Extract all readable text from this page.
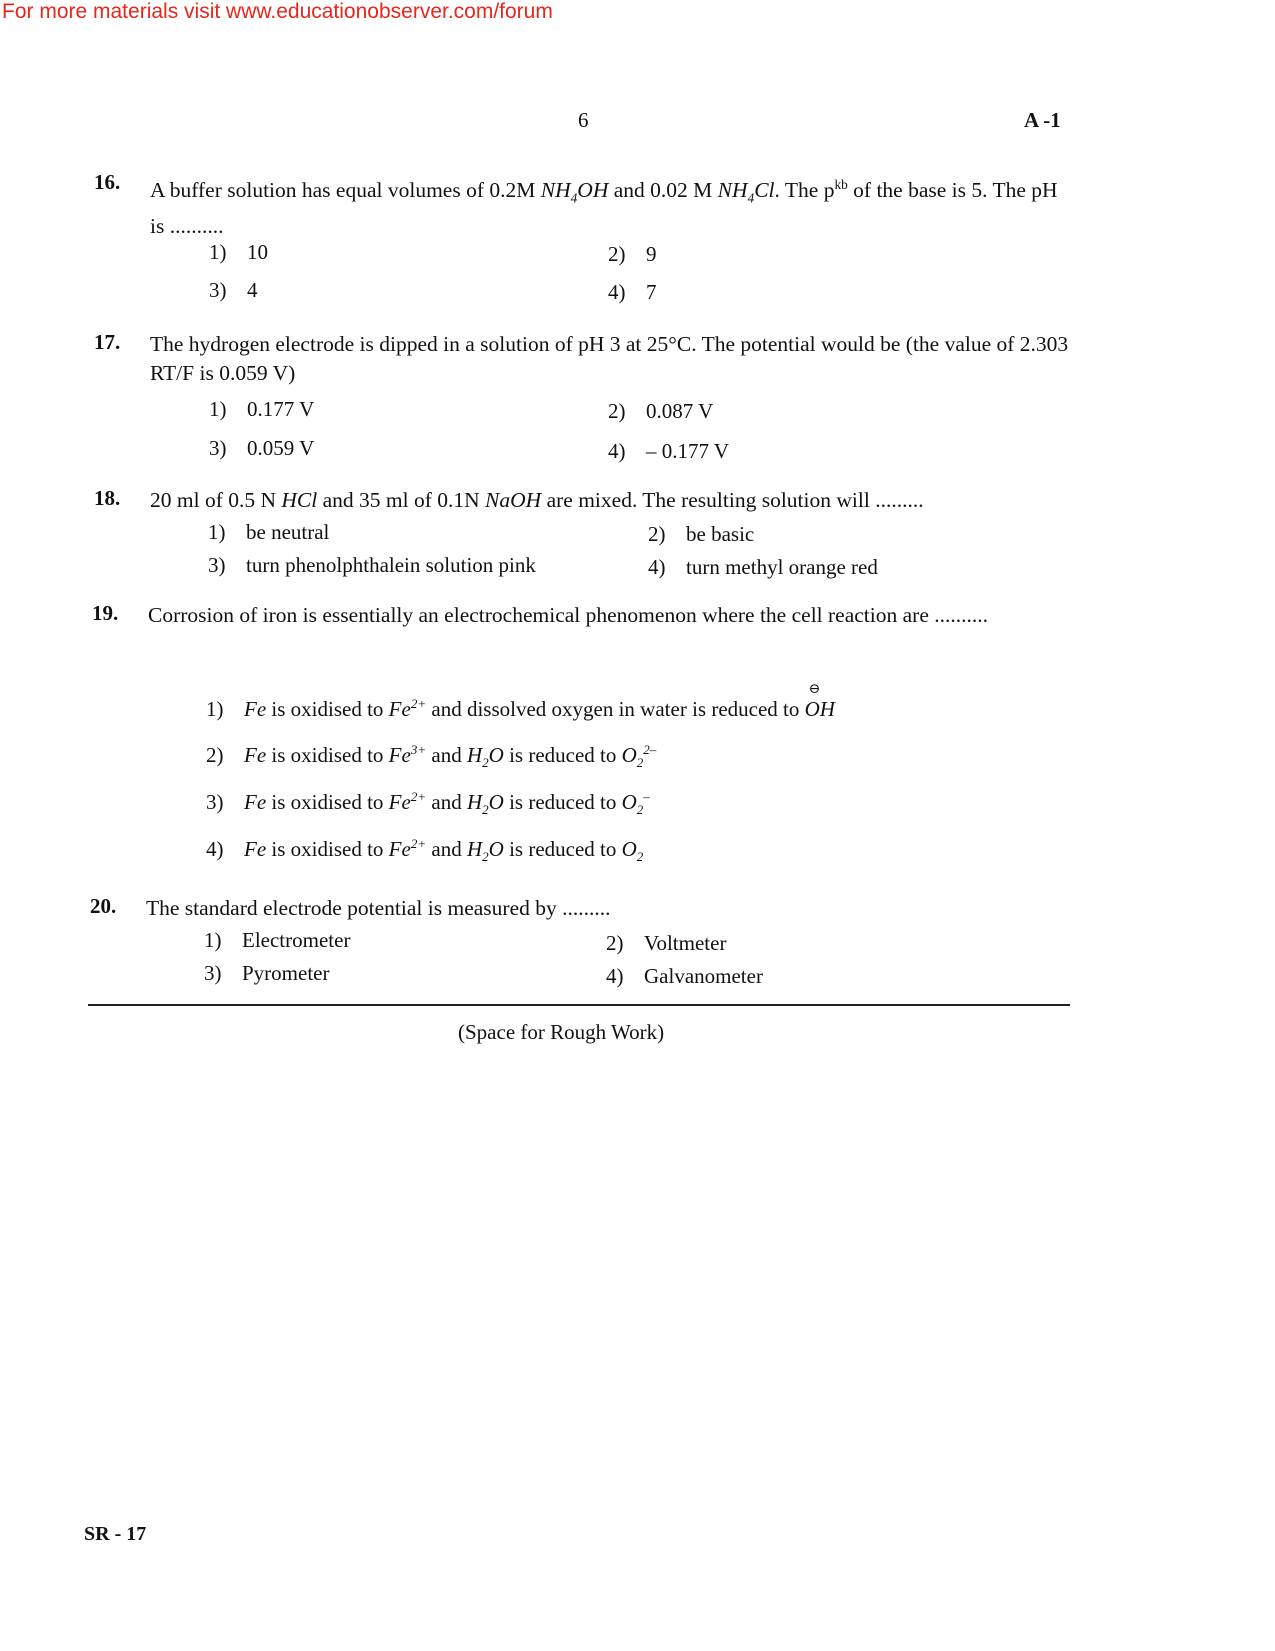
For more materials visit www.educationobserver.com/forum
6	A -1
16. A buffer solution has equal volumes of 0.2M $NH_4OH$ and 0.02 M $NH_4Cl$. The $p^{kb}$ of the base is 5. The pH is ..........
1) 10	2) 9
3) 4	4) 7
17. The hydrogen electrode is dipped in a solution of pH 3 at 25°C. The potential would be (the value of 2.303 RT/F is 0.059 V)
1) 0.177 V	2) 0.087 V
3) 0.059 V	4) – 0.177 V
18. 20 ml of 0.5 N HCl and 35 ml of 0.1N NaOH are mixed. The resulting solution will .........
1) be neutral	2) be basic
3) turn phenolphthalein solution pink	4) turn methyl orange red
19. Corrosion of iron is essentially an electrochemical phenomenon where the cell reaction are ..........
1) Fe is oxidised to $Fe^{2+}$ and dissolved oxygen in water is reduced to
⊖
OH
2) Fe is oxidised to $Fe^{3+}$ and $H_2O$ is reduced to $O_2^{2-}$
3) Fe is oxidised to $Fe^{2+}$ and $H_2O$ is reduced to $O_2^-$
4) Fe is oxidised to $Fe^{2+}$ and $H_2O$ is reduced to $O_2$
20. The standard electrode potential is measured by .........
1) Electrometer	2) Voltmeter
3) Pyrometer	4) Galvanometer
(Space for Rough Work)
SR - 17
